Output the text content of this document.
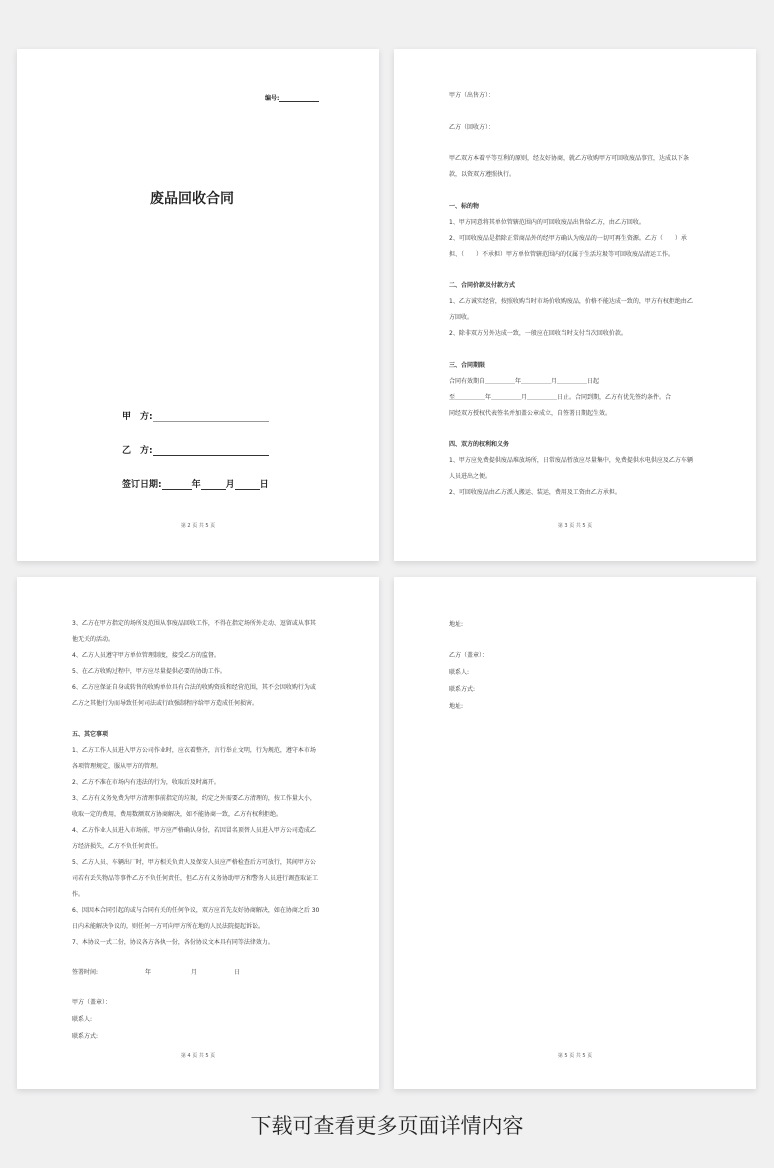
编号:
废品回收合同
甲　方:
乙　方:
签订日期:	年	月	日
第 2 页 共 5 页
甲方（出售方）：
乙方（回收方）：
甲乙双方本着平等互利的原则，经友好协商，就乙方收购甲方可回收废品事宜，达成以下条
款，以资双方遵照执行。
一、标的物
1、甲方同意将其单位管辖范围内的可回收废品出售给乙方，由乙方回收。
2、可回收废品是指除正常商品外的经甲方确认为废品的一切可再生资源。乙方（　　）承
担、（　　）不承担）甲方单位管辖范围内的仅属于生活垃圾等可回收废品清运工作。
二、合同价款及付款方式
1、乙方诚实经营，按照收购当时市场价收购废品，价格不能达成一致的，甲方有权拒绝由乙
方回收。
2、除非双方另外达成一致，一般应在回收当时支付当次回收价款。
三、合同期限
合同有效期自＿＿＿＿＿年＿＿＿＿＿月＿＿＿＿＿日起
至＿＿＿＿＿年＿＿＿＿＿月＿＿＿＿＿日止。合同到期，乙方有优先签约条件。合
同经双方授权代表签名并加盖公章成立，自签署日期起生效。
四、双方的权利和义务
1、甲方应免费提供废品堆放场所，日常废品暂放应尽量集中，免费提供水电供应及乙方车辆
人员进出之便。
2、可回收废品由乙方派人搬运、装运，费用及工资由乙方承担。
第 3 页 共 5 页
3、乙方在甲方指定的场所及范围从事废品回收工作，不得在指定场所外走动、逗留或从事其
他无关的活动。
4、乙方人员遵守甲方单位管理制度，接受乙方的监督。
5、在乙方收购过程中，甲方应尽量提供必要的协助工作。
6、乙方应保证自身或转售的收购单位具有合法的收购资质和经营范围，其不会因收购行为或
乙方之其他行为而导致任何司法或行政强制程序给甲方造成任何损害。
五、其它事项
1、乙方工作人员进入甲方公司作业时，应衣着整齐，言行举止文明，行为规范，遵守本市场
各项管理规定，服从甲方的管理。
2、乙方不准在市场内有违法的行为，收取后及时离开。
3、乙方有义务免费为甲方清理事前指定的垃圾，约定之外需要乙方清理的，按工作量大小，
收取一定的费用，费用数额双方协商解决，如不能协商一致，乙方有权利拒绝。
4、乙方作业人员进入市场前，甲方应严格确认身份，若因冒名顶替人员进入甲方公司造成乙
方经济损失，乙方不负任何责任。
5、乙方人员、车辆出厂时，甲方相关负责人及保安人员应严格检查后方可放行，其间甲方公
司若有丢失物品等事件乙方不负任何责任，但乙方有义务协助甲方和警务人员进行调查取证工
作。
6、因因本合同引起的或与合同有关的任何争议，双方应首先友好协商解决，如在协商之后 30
日内未能解决争议的，则任何一方可向甲方所在地的人民法院提起诉讼。
7、本协议一式二份，协议各方各执一份，各份协议文本具有同等法律效力。
签署时间:	年	月	日
甲方（盖章）：
联系人:
联系方式:
第 4 页 共 5 页
地址:
乙方（盖章）：
联系人:
联系方式:
地址:
第 5 页 共 5 页
下载可查看更多页面详情内容
